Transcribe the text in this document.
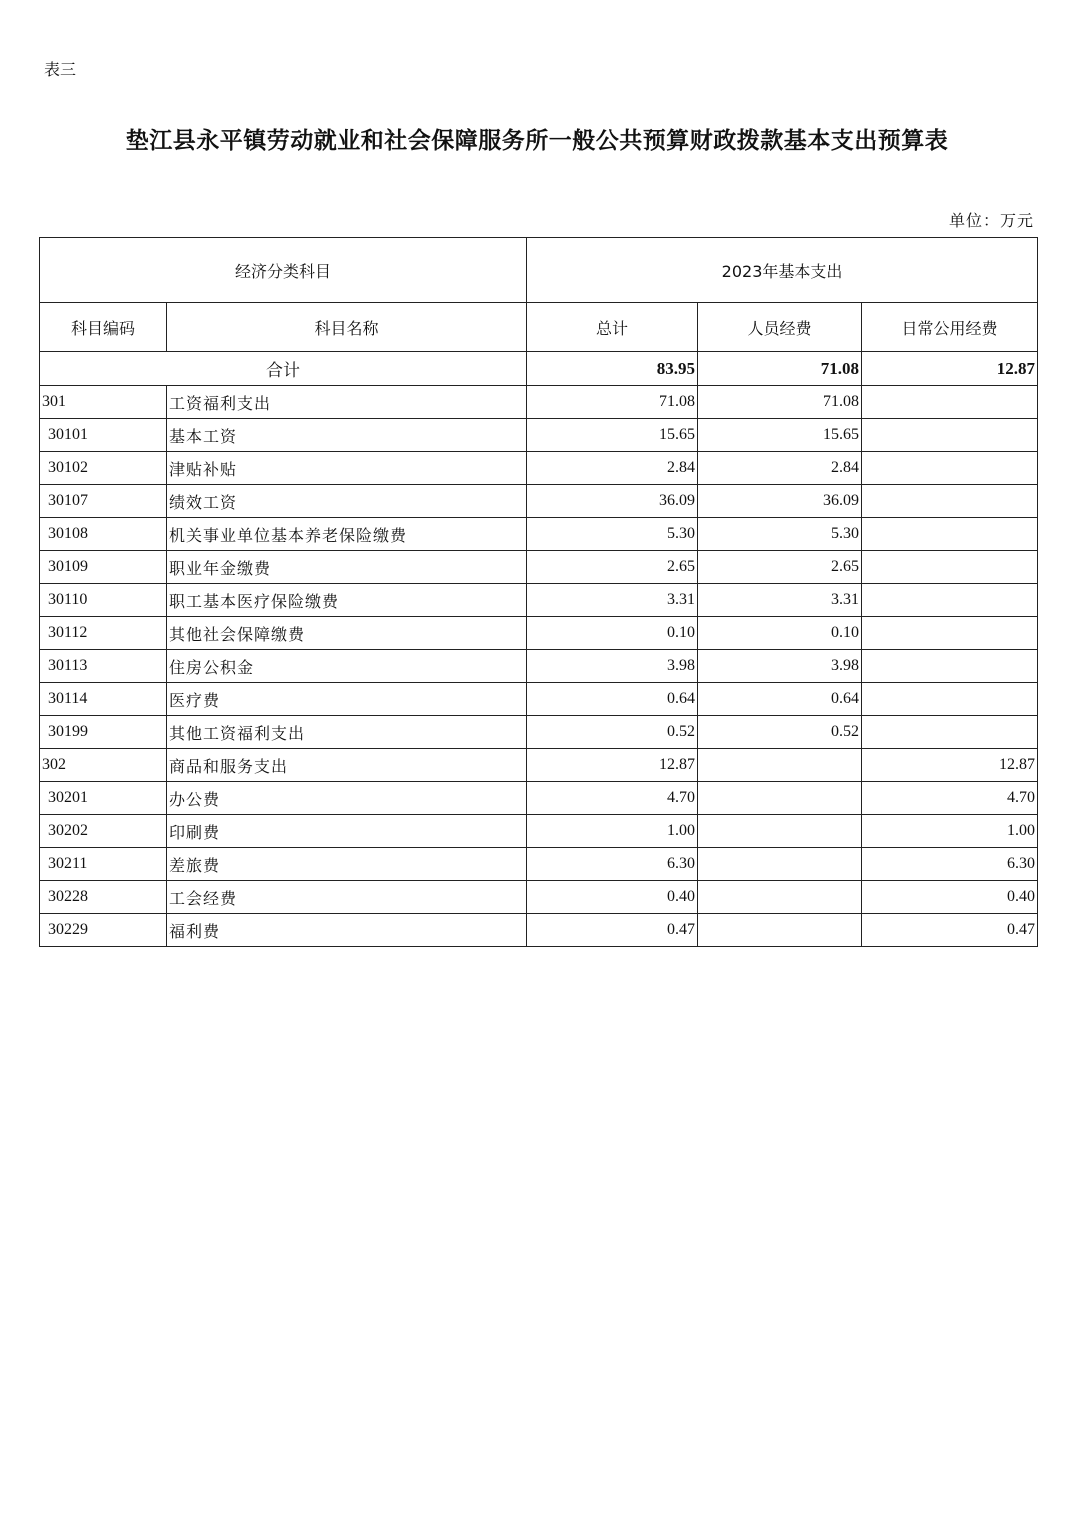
表三
垫江县永平镇劳动就业和社会保障服务所一般公共预算财政拨款基本支出预算表
单位：万元
经济分类科目		2023年基本支出		
科目编码	科目名称	总计	人员经费	日常公用经费
合计		83.95	71.08	12.87
301	工资福利支出	71.08	71.08	
30101	基本工资	15.65	15.65	
30102	津贴补贴	2.84	2.84	
30107	绩效工资	36.09	36.09	
30108	机关事业单位基本养老保险缴费	5.30	5.30	
30109	职业年金缴费	2.65	2.65	
30110	职工基本医疗保险缴费	3.31	3.31	
30112	其他社会保障缴费	0.10	0.10	
30113	住房公积金	3.98	3.98	
30114	医疗费	0.64	0.64	
30199	其他工资福利支出	0.52	0.52	
302	商品和服务支出	12.87		12.87
30201	办公费	4.70		4.70
30202	印刷费	1.00		1.00
30211	差旅费	6.30		6.30
30228	工会经费	0.40		0.40
30229	福利费	0.47		0.47
